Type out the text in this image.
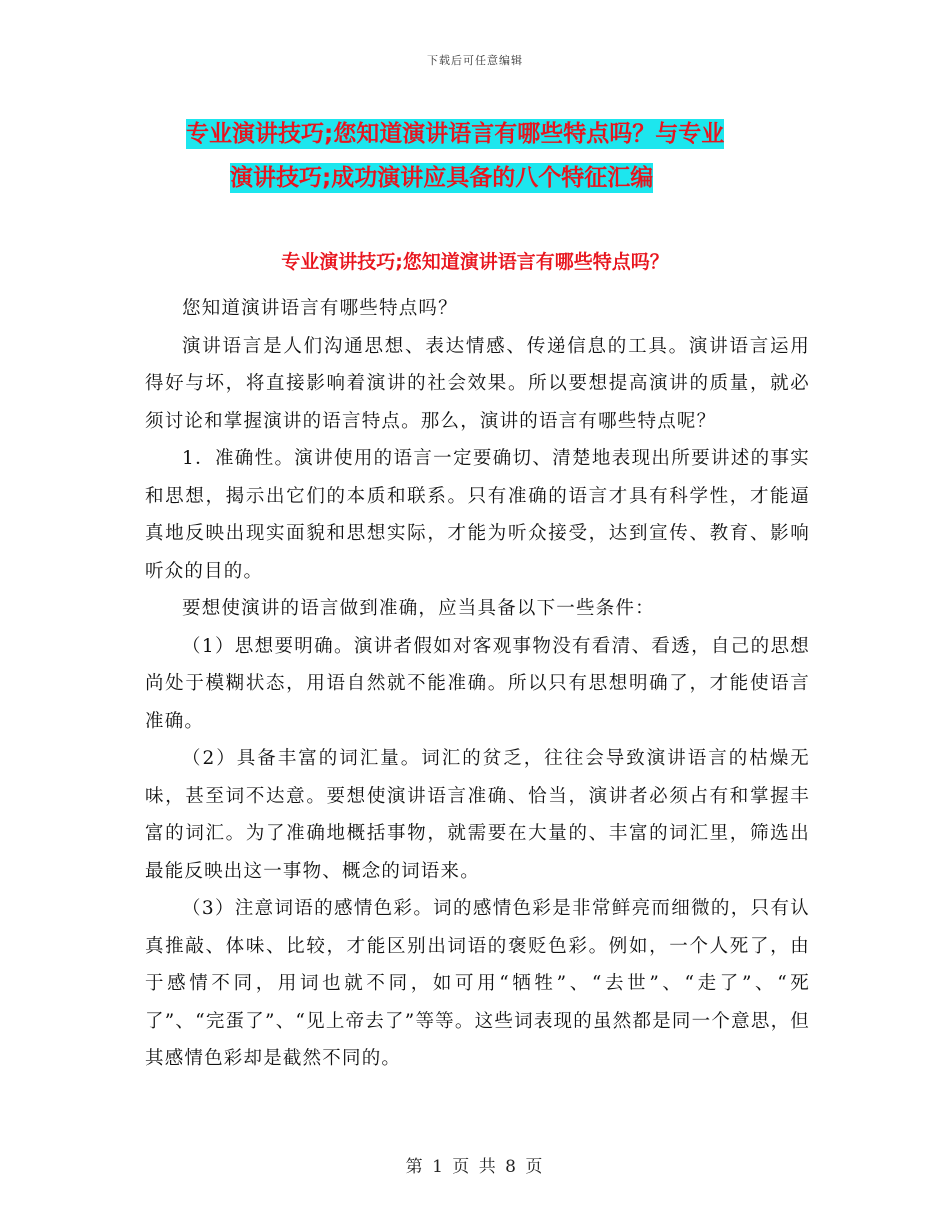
下载后可任意编辑
专业演讲技巧;您知道演讲语言有哪些特点吗？与专业
演讲技巧;成功演讲应具备的八个特征汇编
专业演讲技巧;您知道演讲语言有哪些特点吗？

您知道演讲语言有哪些特点吗？

演讲语言是人们沟通思想、表达情感、传递信息的工具。演讲语言运用得好与坏，将直接影响着演讲的社会效果。所以要想提高演讲的质量，就必须讨论和掌握演讲的语言特点。那么，演讲的语言有哪些特点呢？

1．准确性。演讲使用的语言一定要确切、清楚地表现出所要讲述的事实和思想，揭示出它们的本质和联系。只有准确的语言才具有科学性，才能逼真地反映出现实面貌和思想实际，才能为听众接受，达到宣传、教育、影响听众的目的。

要想使演讲的语言做到准确，应当具备以下一些条件：

（1）思想要明确。演讲者假如对客观事物没有看清、看透，自己的思想尚处于模糊状态，用语自然就不能准确。所以只有思想明确了，才能使语言准确。

（2）具备丰富的词汇量。词汇的贫乏，往往会导致演讲语言的枯燥无味，甚至词不达意。要想使演讲语言准确、恰当，演讲者必须占有和掌握丰富的词汇。为了准确地概括事物，就需要在大量的、丰富的词汇里，筛选出最能反映出这一事物、概念的词语来。

（3）注意词语的感情色彩。词的感情色彩是非常鲜亮而细微的，只有认真推敲、体味、比较，才能区别出词语的褒贬色彩。例如，一个人死了，由于感情不同，用词也就不同，如可用“牺牲”、“去世”、“走了”、“死了”、“完蛋了”、“见上帝去了”等等。这些词表现的虽然都是同一个意思，但其感情色彩却是截然不同的。

第 1 页 共 8 页
